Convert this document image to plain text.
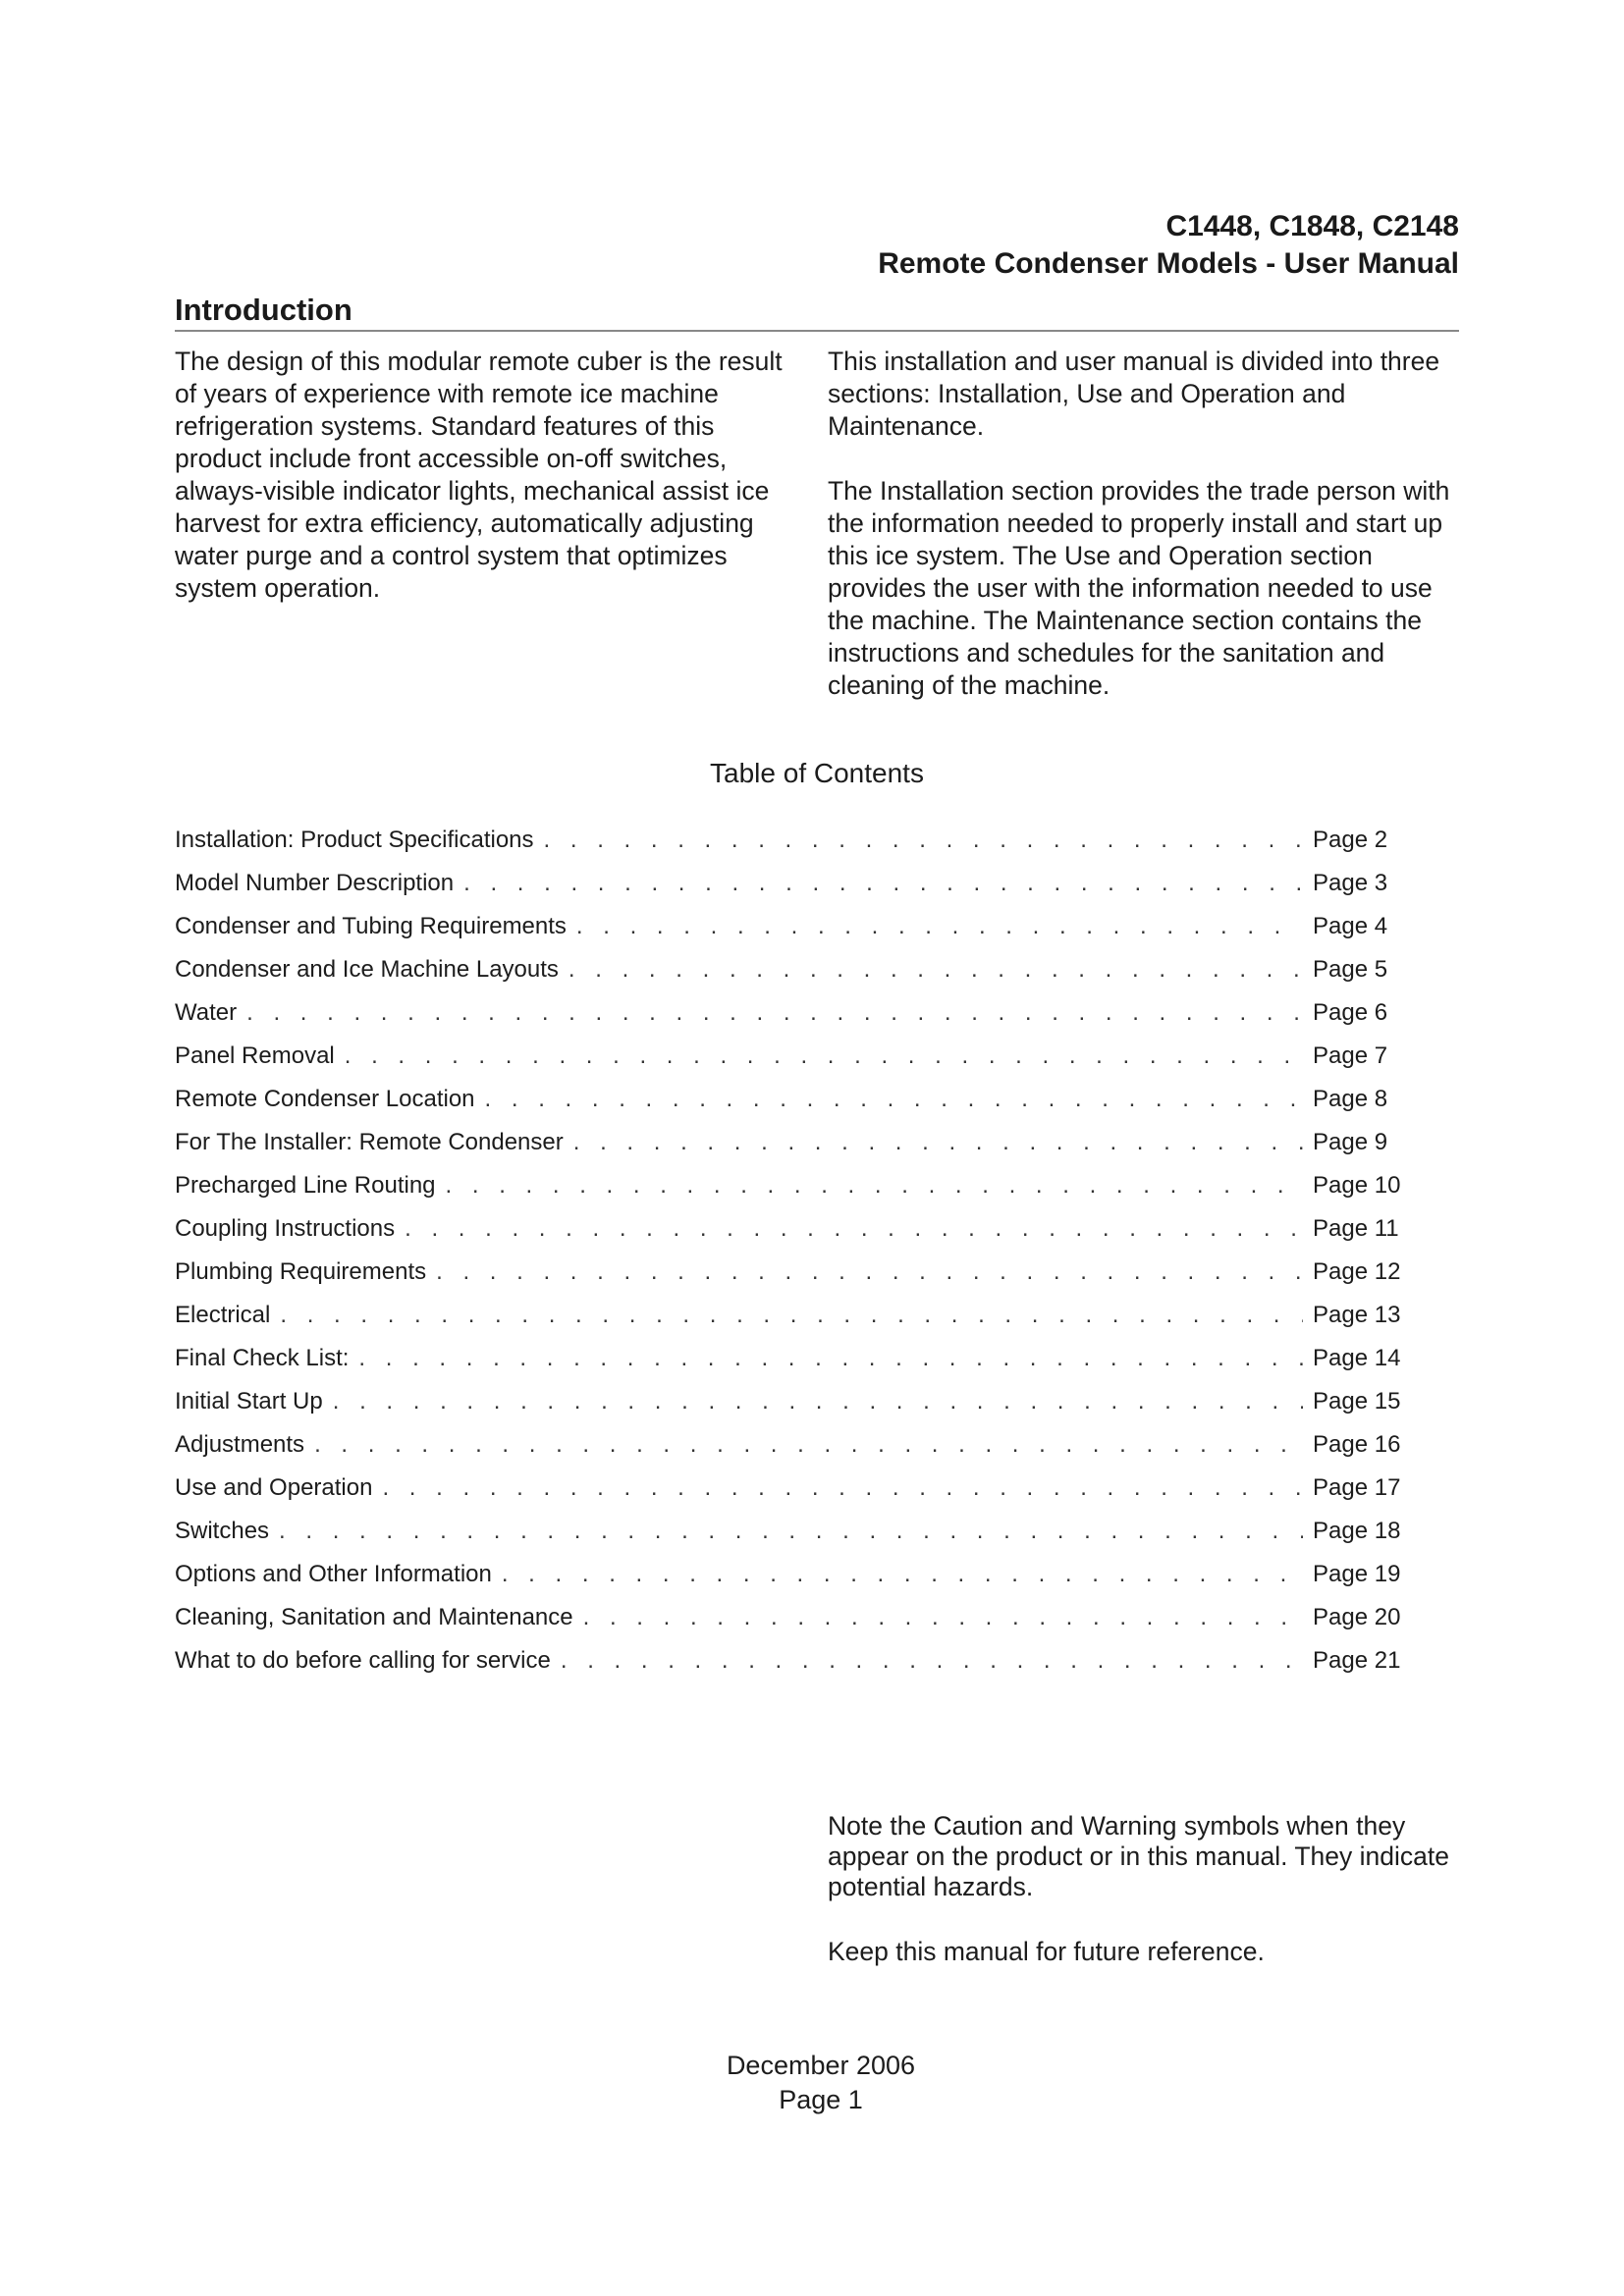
C1448, C1848, C2148
Remote Condenser Models - User Manual
Introduction

The design of this modular remote cuber is the result of years of experience with remote ice machine refrigeration systems. Standard features of this product include front accessible on-off switches, always-visible indicator lights, mechanical assist ice harvest for extra efficiency, automatically adjusting water purge and a control system that optimizes system operation.

This installation and user manual is divided into three sections: Installation, Use and Operation and Maintenance.

The Installation section provides the trade person with the information needed to properly install and start up this ice system. The Use and Operation section provides the user with the information needed to use the machine. The Maintenance section contains the instructions and schedules for the sanitation and cleaning of the machine.

Table of Contents
Installation: Product Specifications . . .	Page 2
Model Number Description . . .	Page 3
Condenser and Tubing Requirements . . .	Page 4
Condenser and Ice Machine Layouts . . .	Page 5
Water . . .	Page 6
Panel Removal . . .	Page 7
Remote Condenser Location . . .	Page 8
For The Installer: Remote Condenser . . .	Page 9
Precharged Line Routing . . .	Page 10
Coupling Instructions . . .	Page 11
Plumbing Requirements . . .	Page 12
Electrical . . .	Page 13
Final Check List: . . .	Page 14
Initial Start Up . . .	Page 15
Adjustments . . .	Page 16
Use and Operation . . .	Page 17
Switches . . .	Page 18
Options and Other Information . . .	Page 19
Cleaning, Sanitation and Maintenance . . .	Page 20
What to do before calling for service . . .	Page 21

Note the Caution and Warning symbols when they appear on the product or in this manual. They indicate potential hazards.

Keep this manual for future reference.

December 2006
Page 1
